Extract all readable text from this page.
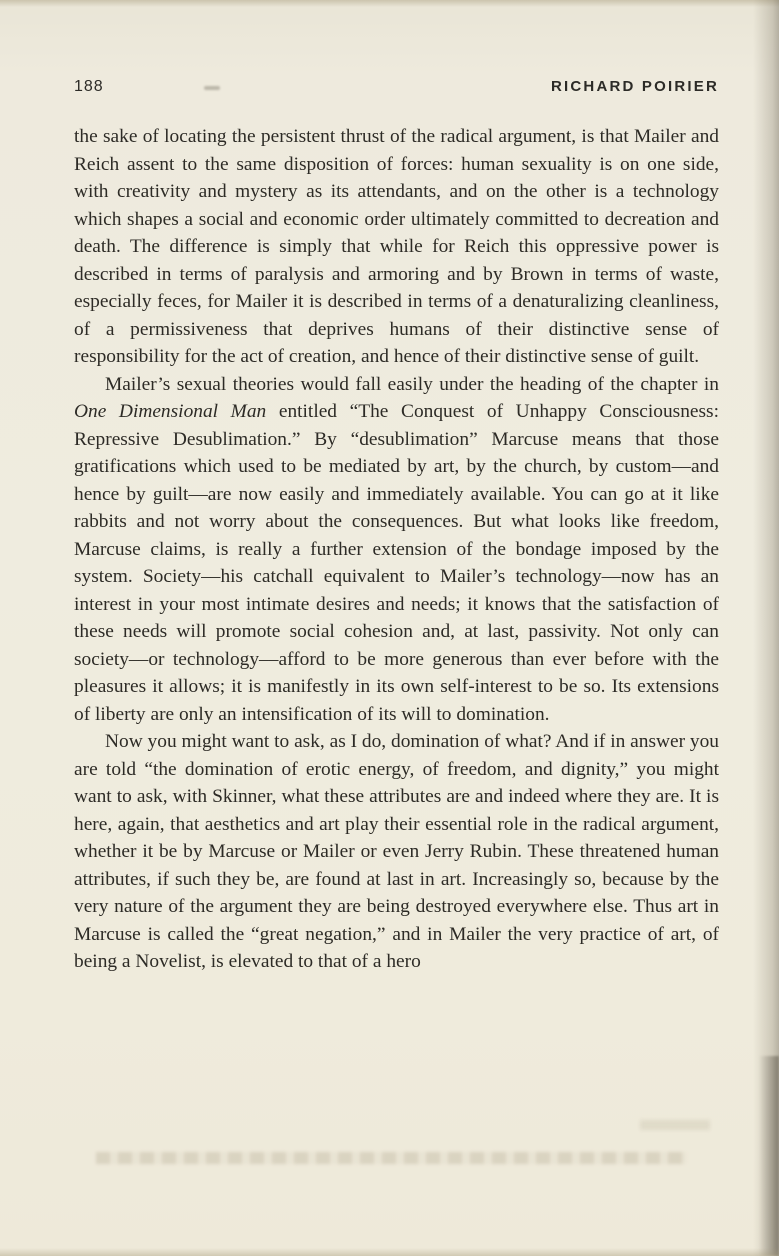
188	RICHARD POIRIER

the sake of locating the persistent thrust of the radical argument, is that Mailer and Reich assent to the same disposition of forces: human sexuality is on one side, with creativity and mystery as its attendants, and on the other is a technology which shapes a social and economic order ultimately committed to decreation and death. The difference is simply that while for Reich this oppressive power is described in terms of paralysis and armoring and by Brown in terms of waste, especially feces, for Mailer it is described in terms of a denaturalizing cleanliness, of a permissiveness that deprives humans of their distinctive sense of responsibility for the act of creation, and hence of their distinctive sense of guilt.

Mailer’s sexual theories would fall easily under the heading of the chapter in One Dimensional Man entitled “The Conquest of Unhappy Consciousness: Repressive Desublimation.” By “desublimation” Marcuse means that those gratifications which used to be mediated by art, by the church, by custom––and hence by guilt––are now easily and immediately available. You can go at it like rabbits and not worry about the consequences. But what looks like freedom, Marcuse claims, is really a further extension of the bondage imposed by the system. Society––his catchall equivalent to Mailer’s technology––now has an interest in your most intimate desires and needs; it knows that the satisfaction of these needs will promote social cohesion and, at last, passivity. Not only can society––or technology––afford to be more generous than ever before with the pleasures it allows; it is manifestly in its own self-interest to be so. Its extensions of liberty are only an intensification of its will to domination.

Now you might want to ask, as I do, domination of what? And if in answer you are told “the domination of erotic energy, of freedom, and dignity,” you might want to ask, with Skinner, what these attributes are and indeed where they are. It is here, again, that aesthetics and art play their essential role in the radical argument, whether it be by Marcuse or Mailer or even Jerry Rubin. These threatened human attributes, if such they be, are found at last in art. Increasingly so, because by the very nature of the argument they are being destroyed everywhere else. Thus art in Marcuse is called the “great negation,” and in Mailer the very practice of art, of being a Novelist, is elevated to that of a hero
